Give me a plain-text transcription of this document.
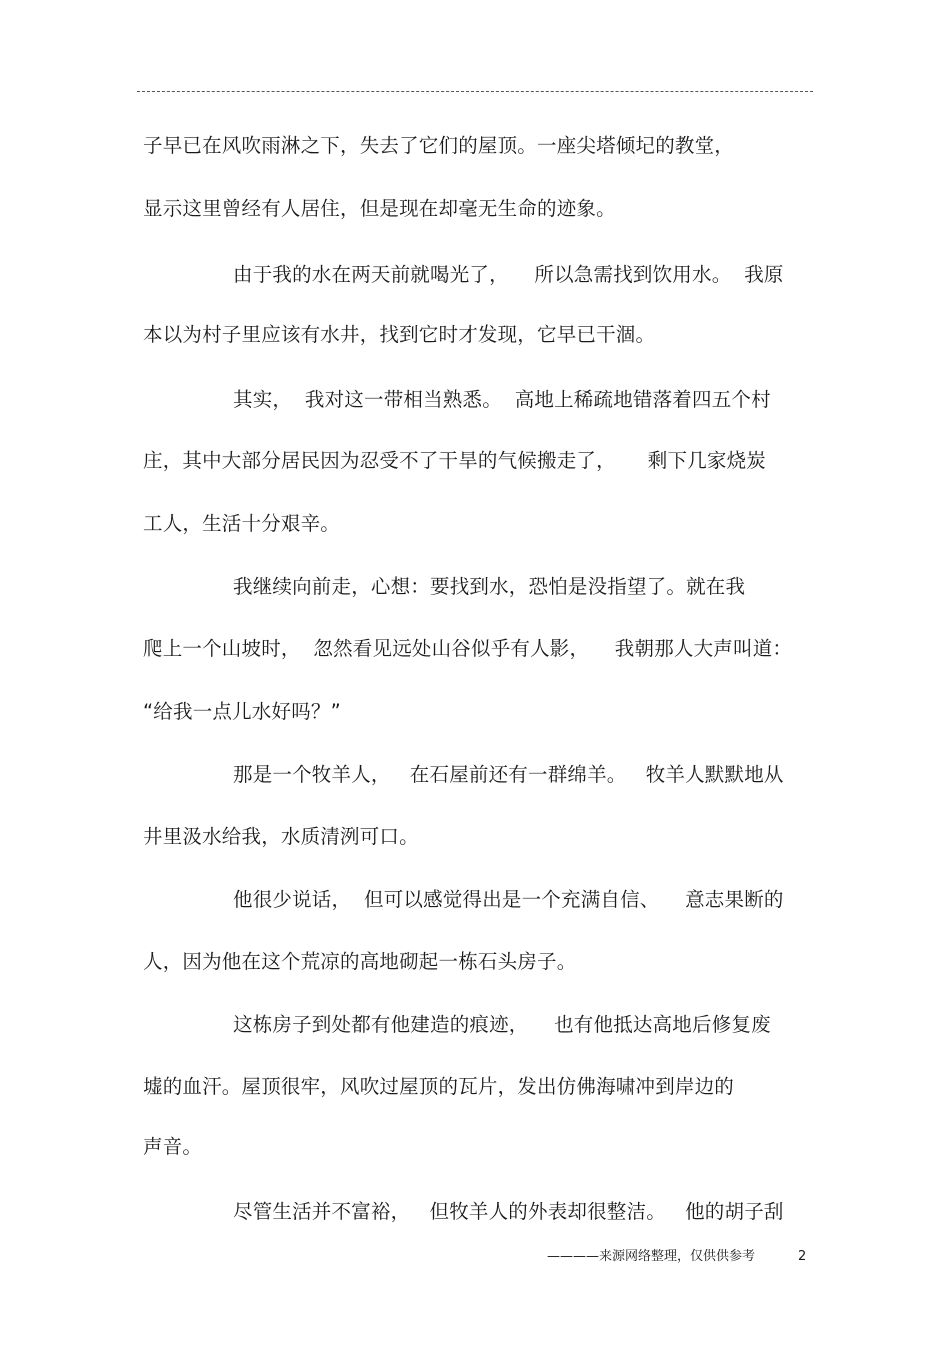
子早已在风吹雨淋之下，失去了它们的屋顶。一座尖塔倾圮的教堂，
显示这里曾经有人居住，但是现在却毫无生命的迹象。
由于我的水在两天前就喝光了，    所以急需找到饮用水。  我原
本以为村子里应该有水井，找到它时才发现，它早已干涸。
其实，  我对这一带相当熟悉。  高地上稀疏地错落着四五个村
庄，其中大部分居民因为忍受不了干旱的气候搬走了，     剩下几家烧炭
工人，生活十分艰辛。
我继续向前走，心想：要找到水，恐怕是没指望了。就在我
爬上一个山坡时，  忽然看见远处山谷似乎有人影，    我朝那人大声叫道：
“给我一点儿水好吗？”
那是一个牧羊人，   在石屋前还有一群绵羊。   牧羊人默默地从
井里汲水给我，水质清洌可口。
他很少说话，  但可以感觉得出是一个充满自信、    意志果断的
人，因为他在这个荒凉的高地砌起一栋石头房子。
这栋房子到处都有他建造的痕迹，    也有他抵达高地后修复废
墟的血汗。屋顶很牢，风吹过屋顶的瓦片，发出仿佛海啸冲到岸边的
声音。
尽管生活并不富裕，   但牧羊人的外表却很整洁。   他的胡子刮
————来源网络整理，仅供供参考	2
